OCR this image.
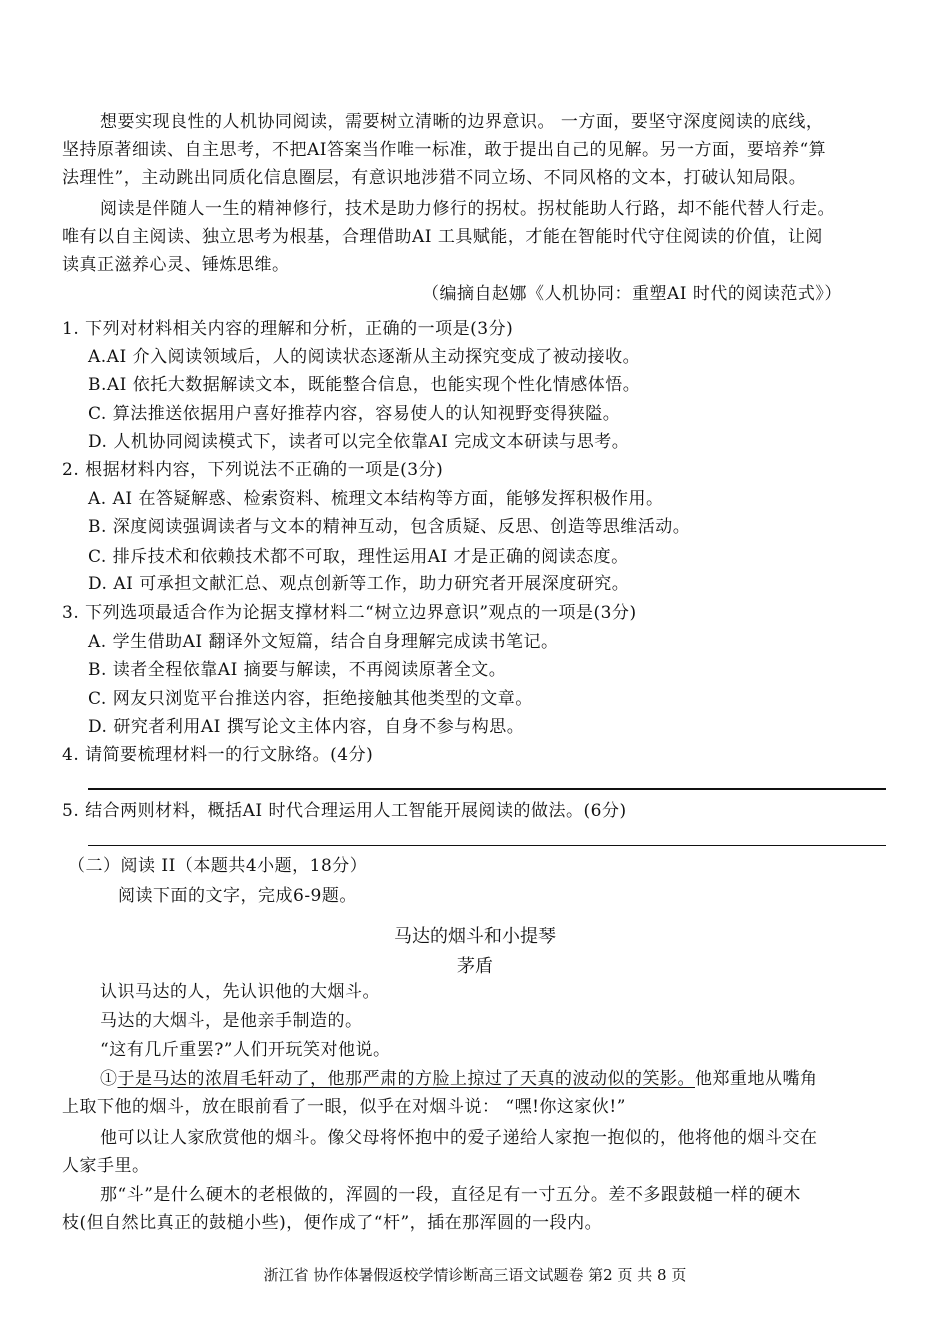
想要实现良性的人机协同阅读，需要树立清晰的边界意识。 一方面，要坚守深度阅读的底线，
坚持原著细读、自主思考，不把AI答案当作唯一标准，敢于提出自己的见解。另一方面，要培养“算
法理性”，主动跳出同质化信息圈层，有意识地涉猎不同立场、不同风格的文本，打破认知局限。
阅读是伴随人一生的精神修行，技术是助力修行的拐杖。拐杖能助人行路，却不能代替人行走。
唯有以自主阅读、独立思考为根基，合理借助AI 工具赋能，才能在智能时代守住阅读的价值，让阅
读真正滋养心灵、锤炼思维。
（编摘自赵娜《人机协同：重塑AI 时代的阅读范式》）
1. 下列对材料相关内容的理解和分析，正确的一项是(3分)
A.AI 介入阅读领域后，人的阅读状态逐渐从主动探究变成了被动接收。
B.AI 依托大数据解读文本，既能整合信息，也能实现个性化情感体悟。
C. 算法推送依据用户喜好推荐内容，容易使人的认知视野变得狭隘。
D. 人机协同阅读模式下，读者可以完全依靠AI 完成文本研读与思考。
2. 根据材料内容，下列说法不正确的一项是(3分)
A. AI 在答疑解惑、检索资料、梳理文本结构等方面，能够发挥积极作用。
B. 深度阅读强调读者与文本的精神互动，包含质疑、反思、创造等思维活动。
C. 排斥技术和依赖技术都不可取，理性运用AI 才是正确的阅读态度。
D. AI 可承担文献汇总、观点创新等工作，助力研究者开展深度研究。
3. 下列选项最适合作为论据支撑材料二“树立边界意识”观点的一项是(3分)
A. 学生借助AI 翻译外文短篇，结合自身理解完成读书笔记。
B. 读者全程依靠AI 摘要与解读，不再阅读原著全文。
C. 网友只浏览平台推送内容，拒绝接触其他类型的文章。
D. 研究者利用AI 撰写论文主体内容，自身不参与构思。
4. 请简要梳理材料一的行文脉络。(4分)
5. 结合两则材料，概括AI 时代合理运用人工智能开展阅读的做法。(6分)
（二）阅读 II（本题共4小题，18分）
阅读下面的文字，完成6-9题。
马达的烟斗和小提琴
茅盾
认识马达的人，先认识他的大烟斗。
马达的大烟斗，是他亲手制造的。
“这有几斤重罢?”人们开玩笑对他说。
①于是马达的浓眉毛轩动了，他那严肃的方脸上掠过了天真的波动似的笑影。他郑重地从嘴角
上取下他的烟斗，放在眼前看了一眼，似乎在对烟斗说： “嘿!你这家伙!”
他可以让人家欣赏他的烟斗。像父母将怀抱中的爱子递给人家抱一抱似的，他将他的烟斗交在
人家手里。
那“斗”是什么硬木的老根做的，浑圆的一段，直径足有一寸五分。差不多跟鼓槌一样的硬木
枝(但自然比真正的鼓槌小些)，便作成了“杆”，插在那浑圆的一段内。
浙江省 协作体暑假返校学情诊断高三语文试题卷 第2 页 共 8 页
